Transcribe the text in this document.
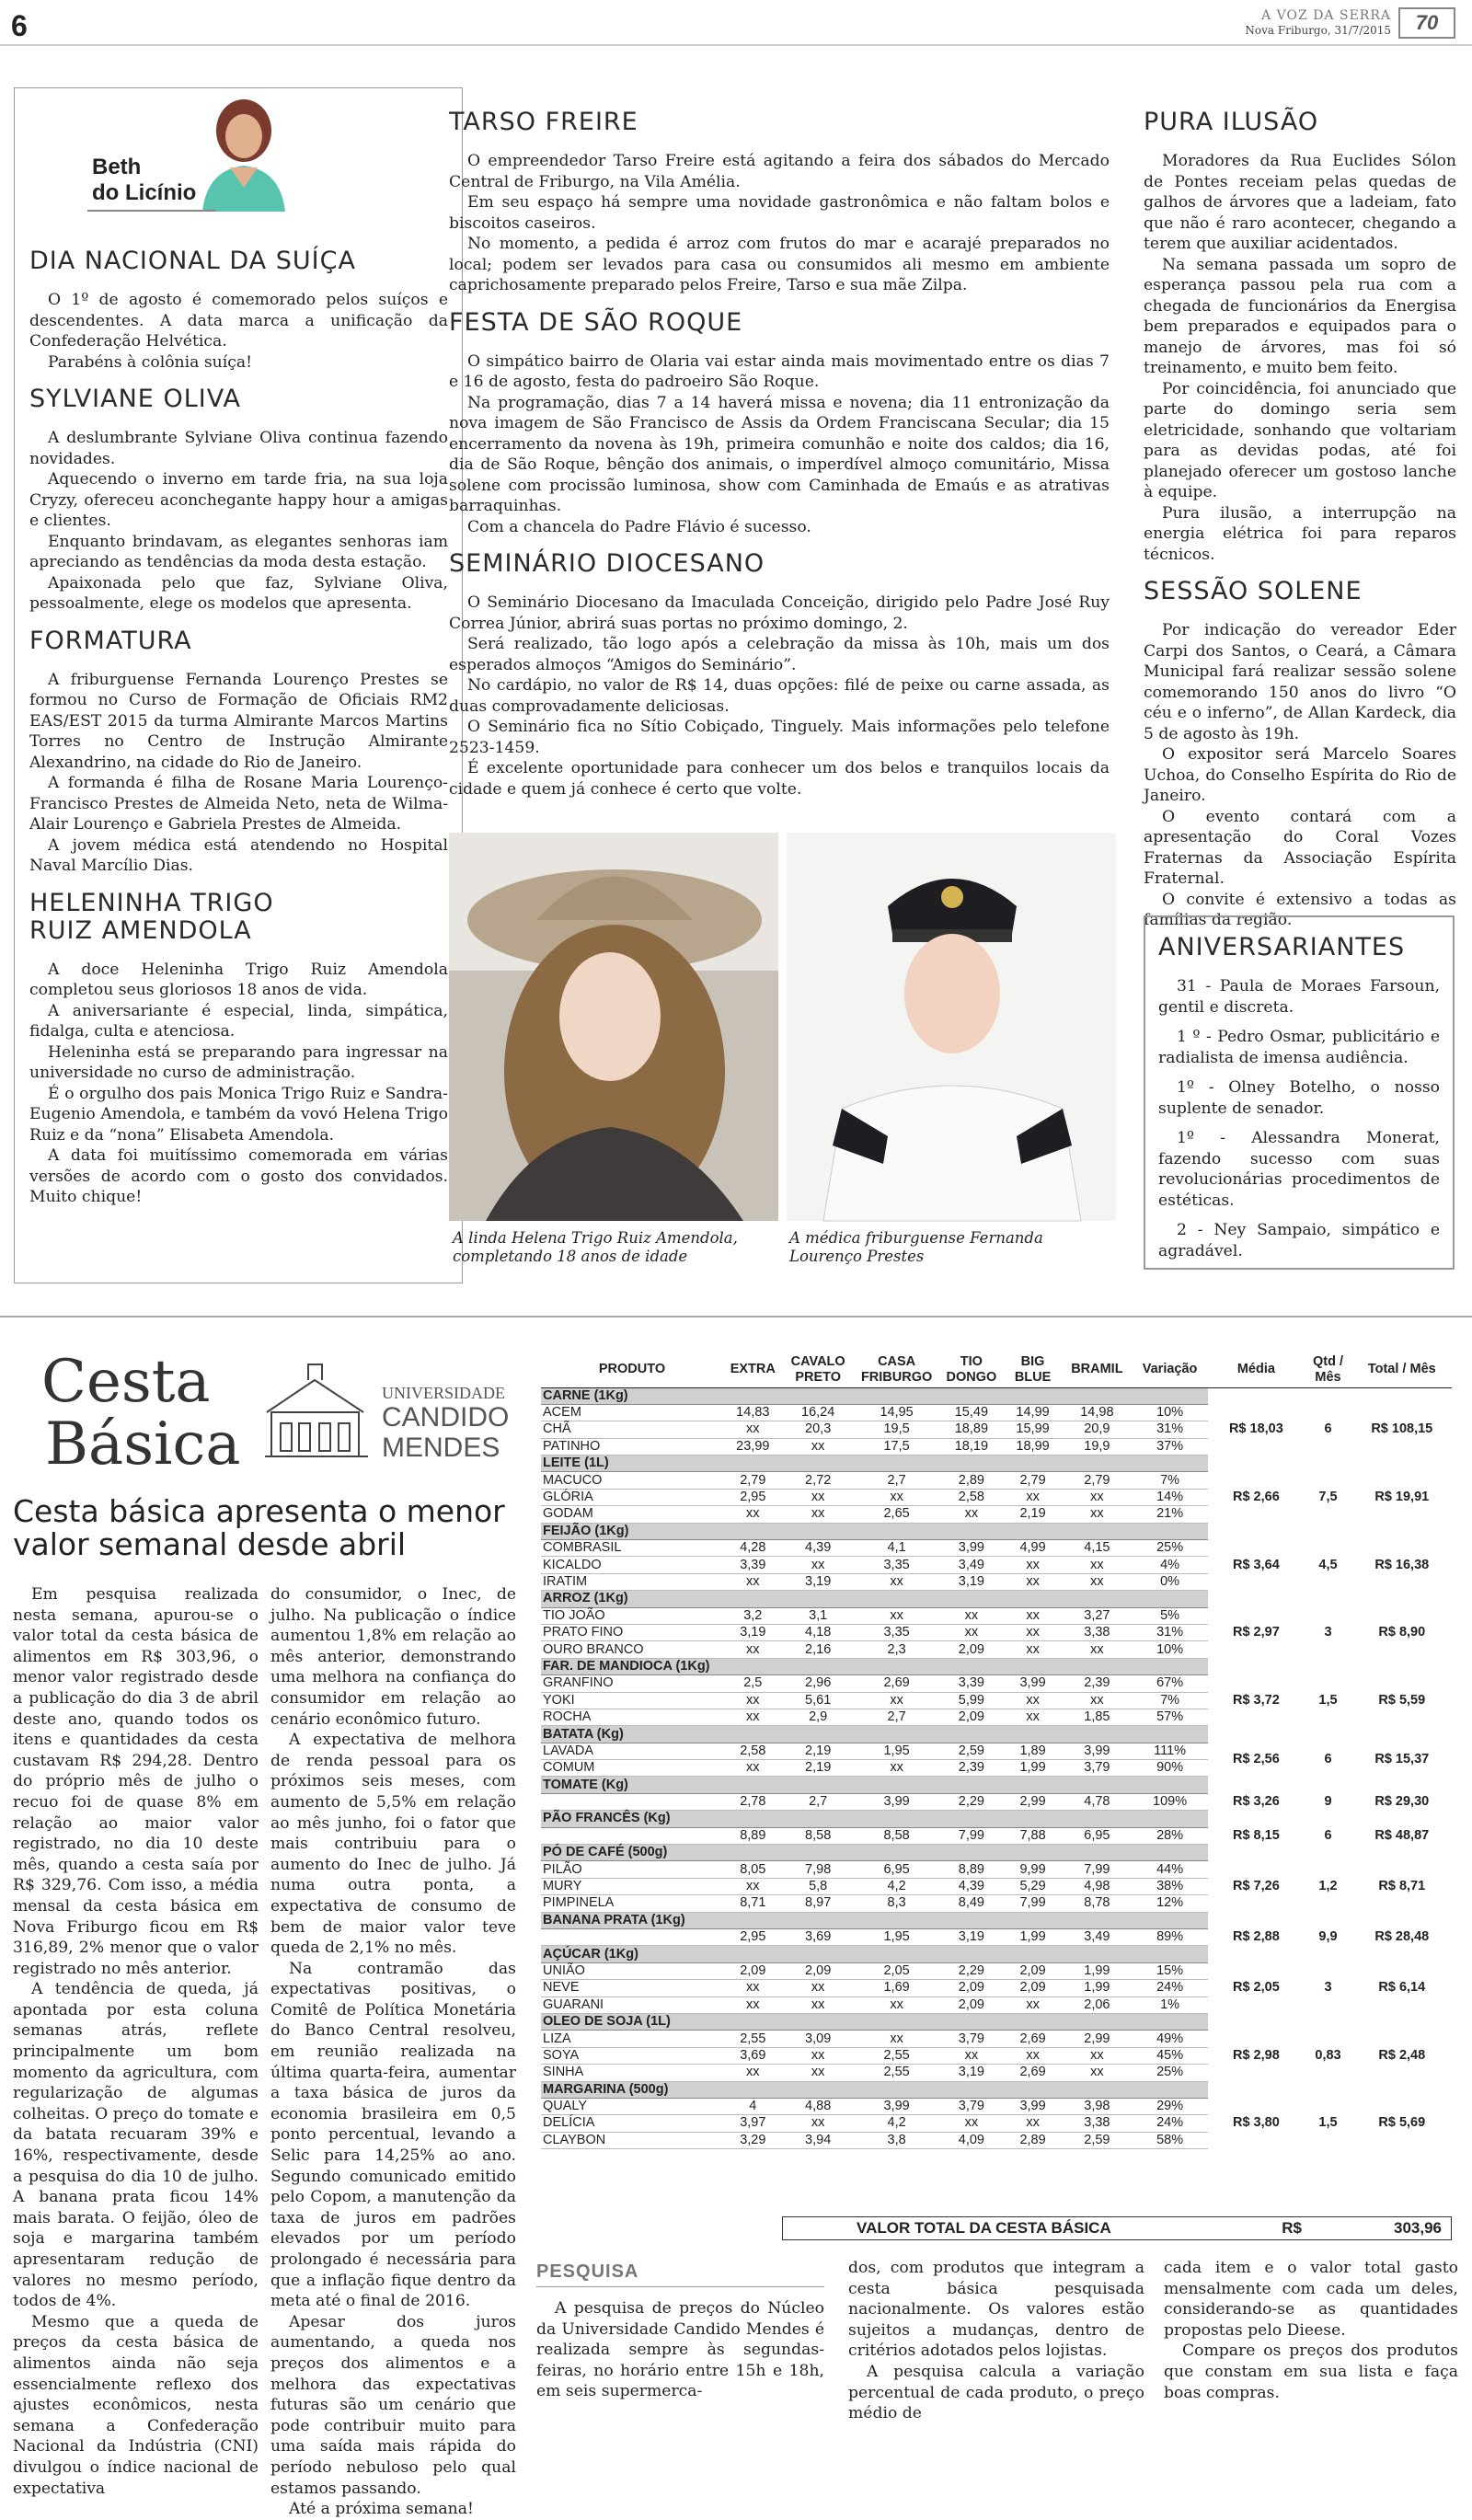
6	A VOZ DA SERRA
Nova Friburgo, 31/7/2015	70
Beth
do Licínio
DIA NACIONAL DA SUÍÇA

O 1º de agosto é comemorado pelos suíços e descendentes. A data marca a unificação da Confederação Helvética.

Parabéns à colônia suíça!

SYLVIANE OLIVA

A deslumbrante Sylviane Oliva continua fazendo novidades.

Aquecendo o inverno em tarde fria, na sua loja Cryzy, ofereceu aconchegante happy hour a amigas e clientes.

Enquanto brindavam, as elegantes senhoras iam apreciando as tendências da moda desta estação.

Apaixonada pelo que faz, Sylviane Oliva, pessoalmente, elege os modelos que apresenta.

FORMATURA

A friburguense Fernanda Lourenço Prestes se formou no Curso de Formação de Oficiais RM2 EAS/EST 2015 da turma Almirante Marcos Martins Torres no Centro de Instrução Almirante Alexandrino, na cidade do Rio de Janeiro.

A formanda é filha de Rosane Maria Lourenço-Francisco Prestes de Almeida Neto, neta de Wilma-Alair Lourenço e Gabriela Prestes de Almeida.

A jovem médica está atendendo no Hospital Naval Marcílio Dias.

HELENINHA TRIGO RUIZ AMENDOLA

A doce Heleninha Trigo Ruiz Amendola completou seus gloriosos 18 anos de vida.

A aniversariante é especial, linda, simpática, fidalga, culta e atenciosa.

Heleninha está se preparando para ingressar na universidade no curso de administração.

É o orgulho dos pais Monica Trigo Ruiz e Sandra-Eugenio Amendola, e também da vovó Helena Trigo Ruiz e da “nona” Elisabeta Amendola.

A data foi muitíssimo comemorada em várias versões de acordo com o gosto dos convidados. Muito chique!

TARSO FREIRE

O empreendedor Tarso Freire está agitando a feira dos sábados do Mercado Central de Friburgo, na Vila Amélia.

Em seu espaço há sempre uma novidade gastronômica e não faltam bolos e biscoitos caseiros.

No momento, a pedida é arroz com frutos do mar e acarajé preparados no local; podem ser levados para casa ou consumidos ali mesmo em ambiente caprichosamente preparado pelos Freire, Tarso e sua mãe Zilpa.

FESTA DE SÃO ROQUE

O simpático bairro de Olaria vai estar ainda mais movimentado entre os dias 7 e 16 de agosto, festa do padroeiro São Roque.

Na programação, dias 7 a 14 haverá missa e novena; dia 11 entronização da nova imagem de São Francisco de Assis da Ordem Franciscana Secular; dia 15 encerramento da novena às 19h, primeira comunhão e noite dos caldos; dia 16, dia de São Roque, bênção dos animais, o imperdível almoço comunitário, Missa solene com procissão luminosa, show com Caminhada de Emaús e as atrativas barraquinhas.

Com a chancela do Padre Flávio é sucesso.

SEMINÁRIO DIOCESANO

O Seminário Diocesano da Imaculada Conceição, dirigido pelo Padre José Ruy Correa Júnior, abrirá suas portas no próximo domingo, 2.

Será realizado, tão logo após a celebração da missa às 10h, mais um dos esperados almoços “Amigos do Seminário”.

No cardápio, no valor de R$ 14, duas opções: filé de peixe ou carne assada, as duas comprovadamente deliciosas.

O Seminário fica no Sítio Cobiçado, Tinguely. Mais informações pelo telefone 2523-1459.

É excelente oportunidade para conhecer um dos belos e tranquilos locais da cidade e quem já conhece é certo que volte.

A linda Helena Trigo Ruiz Amendola, completando 18 anos de idade
A médica friburguense Fernanda Lourenço Prestes
PURA ILUSÃO

Moradores da Rua Euclides Sólon de Pontes receiam pelas quedas de galhos de árvores que a ladeiam, fato que não é raro acontecer, chegando a terem que auxiliar acidentados.

Na semana passada um sopro de esperança passou pela rua com a chegada de funcionários da Energisa bem preparados e equipados para o manejo de árvores, mas foi só treinamento, e muito bem feito.

Por coincidência, foi anunciado que parte do domingo seria sem eletricidade, sonhando que voltariam para as devidas podas, até foi planejado oferecer um gostoso lanche à equipe.

Pura ilusão, a interrupção na energia elétrica foi para reparos técnicos.

SESSÃO SOLENE

Por indicação do vereador Eder Carpi dos Santos, o Ceará, a Câmara Municipal fará realizar sessão solene comemorando 150 anos do livro “O céu e o inferno”, de Allan Kardeck, dia 5 de agosto às 19h.

O expositor será Marcelo Soares Uchoa, do Conselho Espírita do Rio de Janeiro.

O evento contará com a apresentação do Coral Vozes Fraternas da Associação Espírita Fraternal.

O convite é extensivo a todas as famílias da região.

ANIVERSARIANTES

31 - Paula de Moraes Farsoun, gentil e discreta.

1 º - Pedro Osmar, publicitário e radialista de imensa audiência.

1º - Olney Botelho, o nosso suplente de senador.

1º - Alessandra Monerat, fazendo sucesso com suas revolucionárias procedimentos de estéticas.

2 - Ney Sampaio, simpático e agradável.

Cesta
Básica
UNIVERSIDADE
CANDIDO
MENDES
Cesta básica apresenta o menor valor semanal desde abril

Em pesquisa realizada nesta semana, apurou-se o valor total da cesta básica de alimentos em R$ 303,96, o menor valor registrado desde a publicação do dia 3 de abril deste ano, quando todos os itens e quantidades da cesta custavam R$ 294,28. Dentro do próprio mês de julho o recuo foi de quase 8% em relação ao maior valor registrado, no dia 10 deste mês, quando a cesta saía por R$ 329,76. Com isso, a média mensal da cesta básica em Nova Friburgo ficou em R$ 316,89, 2% menor que o valor registrado no mês anterior.

A tendência de queda, já apontada por esta coluna semanas atrás, reflete principalmente um bom momento da agricultura, com regularização de algumas colheitas. O preço do tomate e da batata recuaram 39% e 16%, respectivamente, desde a pesquisa do dia 10 de julho. A banana prata ficou 14% mais barata. O feijão, óleo de soja e margarina também apresentaram redução de valores no mesmo período, todos de 4%.

Mesmo que a queda de preços da cesta básica de alimentos ainda não seja essencialmente reflexo dos ajustes econômicos, nesta semana a Confederação Nacional da Indústria (CNI) divulgou o índice nacional de expectativa

do consumidor, o Inec, de julho. Na publicação o índice aumentou 1,8% em relação ao mês anterior, demonstrando uma melhora na confiança do consumidor em relação ao cenário econômico futuro.

A expectativa de melhora de renda pessoal para os próximos seis meses, com aumento de 5,5% em relação ao mês junho, foi o fator que mais contribuiu para o aumento do Inec de julho. Já numa outra ponta, a expectativa de consumo de bem de maior valor teve queda de 2,1% no mês.

Na contramão das expectativas positivas, o Comitê de Política Monetária do Banco Central resolveu, em reunião realizada na última quarta-feira, aumentar a taxa básica de juros da economia brasileira em 0,5 ponto percentual, levando a Selic para 14,25% ao ano. Segundo comunicado emitido pelo Copom, a manutenção da taxa de juros em padrões elevados por um período prolongado é necessária para que a inflação fique dentro da meta até o final de 2016.

Apesar dos juros aumentando, a queda nos preços dos alimentos e a melhora das expectativas futuras são um cenário que pode contribuir muito para uma saída mais rápida do período nebuloso pelo qual estamos passando.

Até a próxima semana!

PRODUTO	EXTRA	CAVALO PRETO	CASA FRIBURGO	TIO DONGO	BIG BLUE	BRAMIL	Variação	Média	Qtd / Mês	Total / Mês
CARNE (1Kg)										
ACEM	14,83	16,24	14,95	15,49	14,99	14,98	10%	R$ 18,03	6	R$ 108,15
CHÃ	xx	20,3	19,5	18,89	15,99	20,9	31%			
PATINHO	23,99	xx	17,5	18,19	18,99	19,9	37%			
LEITE (1L)										
MACUCO	2,79	2,72	2,7	2,89	2,79	2,79	7%	R$ 2,66	7,5	R$ 19,91
GLÓRIA	2,95	xx	xx	2,58	xx	xx	14%			
GODAM	xx	xx	2,65	xx	2,19	xx	21%			
FEIJÃO (1Kg)										
COMBRASIL	4,28	4,39	4,1	3,99	4,99	4,15	25%	R$ 3,64	4,5	R$ 16,38
KICALDO	3,39	xx	3,35	3,49	xx	xx	4%			
IRATIM	xx	3,19	xx	3,19	xx	xx	0%			
ARROZ (1Kg)										
TIO JOÃO	3,2	3,1	xx	xx	xx	3,27	5%	R$ 2,97	3	R$ 8,90
PRATO FINO	3,19	4,18	3,35	xx	xx	3,38	31%			
OURO BRANCO	xx	2,16	2,3	2,09	xx	xx	10%			
FAR. DE MANDIOCA (1Kg)										
GRANFINO	2,5	2,96	2,69	3,39	3,99	2,39	67%	R$ 3,72	1,5	R$ 5,59
YOKI	xx	5,61	xx	5,99	xx	xx	7%			
ROCHA	xx	2,9	2,7	2,09	xx	1,85	57%			
BATATA (Kg)										
LAVADA	2,58	2,19	1,95	2,59	1,89	3,99	111%	R$ 2,56	6	R$ 15,37
COMUM	xx	2,19	xx	2,39	1,99	3,79	90%			
TOMATE (Kg)										
	2,78	2,7	3,99	2,29	2,99	4,78	109%	R$ 3,26	9	R$ 29,30
PÃO FRANCÊS (Kg)										
	8,89	8,58	8,58	7,99	7,88	6,95	28%	R$ 8,15	6	R$ 48,87
PÓ DE CAFÉ (500g)										
PILÃO	8,05	7,98	6,95	8,89	9,99	7,99	44%	R$ 7,26	1,2	R$ 8,71
MURY	xx	5,8	4,2	4,39	5,29	4,98	38%			
PIMPINELA	8,71	8,97	8,3	8,49	7,99	8,78	12%			
BANANA PRATA (1Kg)										
	2,95	3,69	1,95	3,19	1,99	3,49	89%	R$ 2,88	9,9	R$ 28,48
AÇÚCAR (1Kg)										
UNIÃO	2,09	2,09	2,05	2,29	2,09	1,99	15%	R$ 2,05	3	R$ 6,14
NEVE	xx	xx	1,69	2,09	2,09	1,99	24%			
GUARANI	xx	xx	xx	2,09	xx	2,06	1%			
OLEO DE SOJA (1L)										
LIZA	2,55	3,09	xx	3,79	2,69	2,99	49%	R$ 2,98	0,83	R$ 2,48
SOYA	3,69	xx	2,55	xx	xx	xx	45%			
SINHA	xx	xx	2,55	3,19	2,69	xx	25%			
MARGARINA (500g)										
QUALY	4	4,88	3,99	3,79	3,99	3,98	29%	R$ 3,80	1,5	R$ 5,69
DELÍCIA	3,97	xx	4,2	xx	xx	3,38	24%			
CLAYBON	3,29	3,94	3,8	4,09	2,89	2,59	58%			
VALOR TOTAL DA CESTA BÁSICA	R$	303,96
PESQUISA

A pesquisa de preços do Núcleo da Universidade Candido Mendes é realizada sempre às segundas-feiras, no horário entre 15h e 18h, em seis supermerca-

dos, com produtos que integram a cesta básica pesquisada nacionalmente. Os valores estão sujeitos a mudanças, dentro de critérios adotados pelos lojistas.

A pesquisa calcula a variação percentual de cada produto, o preço médio de

cada item e o valor total gasto mensalmente com cada um deles, considerando-se as quantidades propostas pelo Dieese.

Compare os preços dos produtos que constam em sua lista e faça boas compras.
